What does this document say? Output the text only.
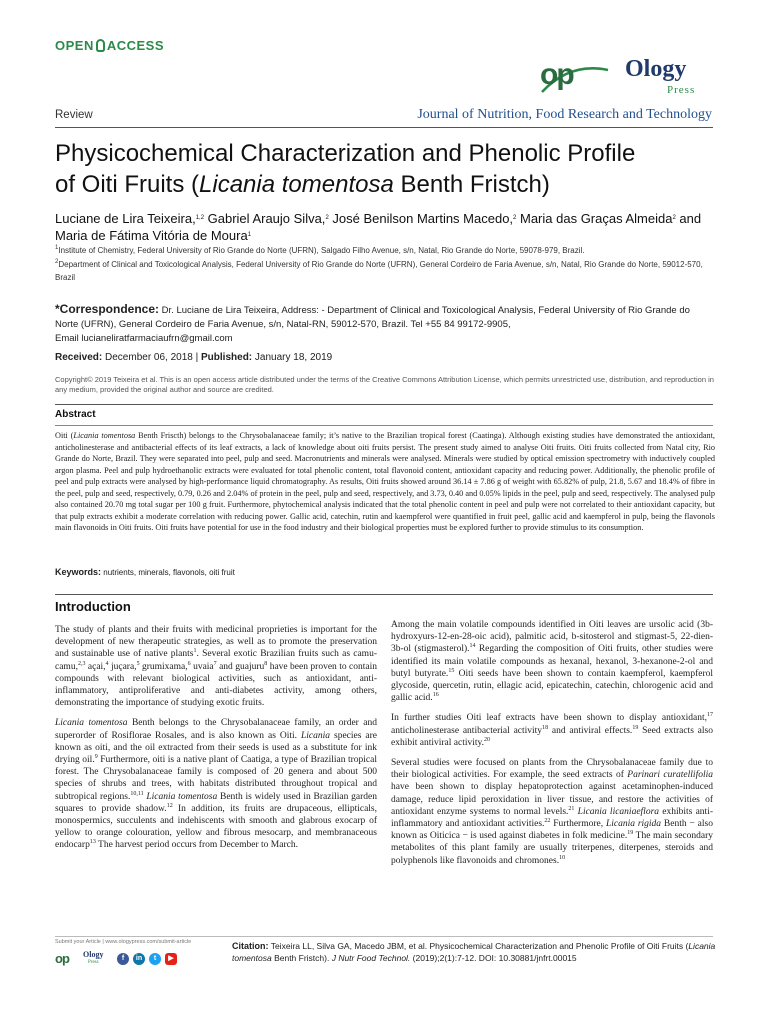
OPEN ACCESS
op Ology
Press
Review	Journal of Nutrition, Food Research and Technology
Physicochemical Characterization and Phenolic Profile
of Oiti Fruits (Licania tomentosa Benth Fristch)
Luciane de Lira Teixeira,$^{1,2}$ Gabriel Araujo Silva,$^2$ José Benilson Martins Macedo,$^2$ Maria das Graças Almeida$^2$ and Maria de Fátima Vitória de Moura$^1$
$^1$Institute of Chemistry, Federal University of Rio Grande do Norte (UFRN), Salgado Filho Avenue, s/n, Natal, Rio Grande do Norte, 59078-979, Brazil.
$^2$Department of Clinical and Toxicological Analysis, Federal University of Rio Grande do Norte (UFRN), General Cordeiro de Faria Avenue, s/n, Natal, Rio Grande do Norte, 59012-570, Brazil
*Correspondence: Dr. Luciane de Lira Teixeira, Address: - Department of Clinical and Toxicological Analysis, Federal University of Rio Grande do Norte (UFRN), General Cordeiro de Faria Avenue, s/n, Natal-RN, 59012-570, Brazil. Tel +55 84 99172-9905,
Email lucianeliratfarmaciaufrn@gmail.com
Received: December 06, 2018 | Published: January 18, 2019
Copyright© 2019 Teixeira et al. This is an open access article distributed under the terms of the Creative Commons Attribution License, which permits unrestricted use, distribution, and reproduction in any medium, provided the original author and source are credited.
Abstract
Oiti (Licania tomentosa Benth Friscth) belongs to the Chrysobalanaceae family; it’s native to the Brazilian tropical forest (Caatinga). Although existing studies have demonstrated the antioxidant, anticholinesterase and antibacterial effects of its leaf extracts, a lack of knowledge about oiti fruits persist. The present study aimed to analyse Oiti fruits. Oiti fruits collected from Natal city, Rio Grande do Norte, Brazil. They were separated into peel, pulp and seed. Macronutrients and minerals were analysed. Minerals were studied by optical emission spectrometry with inductively coupled argon plasma. Peel and pulp hydroethanolic extracts were evaluated for total phenolic content, total flavonoid content, antioxidant capacity and reducing power. Additionally, the phenolic profile of peel and pulp extracts were analysed by high-performance liquid chromatography. As results, Oiti fruits showed around 36.14 ± 7.86 g of weight with 65.82% of pulp, 21.8, 5.67 and 18.4% of fibre in the peel, pulp and seed, respectively, 0.79, 0.26 and 2.04% of protein in the peel, pulp and seed, respectively, and 3.73, 0.40 and 0.05% lipids in the peel, pulp and seed, respectively. The analysed pulp also contained 20.70 mg total sugar per 100 g fruit. Furthermore, phytochemical analysis indicated that the total phenolic content in peel and pulp were not correlated to their antioxidant capacity, but that pulp extracts exhibit a moderate correlation with reducing power. Gallic acid, catechin, rutin and kaempferol were quantified in fruit peel, gallic acid and kaempferol in pulp, being the flavonols main flavonoids in Oiti fruits. Oiti fruits have potential for use in the food industry and their biological properties must be explored further to provide stimulus to its consumption.
Keywords: nutrients, minerals, flavonols, oiti fruit
Introduction

The study of plants and their fruits with medicinal proprieties is important for the development of new therapeutic strategies, as well as to promote the preservation and sustainable use of native plants$^1$. Several exotic Brazilian fruits such as camu-camu,$^{2,3}$ açai,$^4$ juçara,$^5$ grumixama,$^6$ uvaia$^7$ and guajuru$^8$ have been proven to contain compounds with relevant biological activities, such as antioxidant, anti-inflammatory, antiproliferative and anti-diabetes activity, among others, demonstrating the importance of studying exotic fruits.

Licania tomentosa Benth belongs to the Chrysobalanaceae family, an order and superorder of Rosiflorae Rosales, and is also known as Oiti. Licania species are known as oiti, and the oil extracted from their seeds is used as a substitute for ink drying oil.$^9$ Furthermore, oiti is a native plant of Caatiga, a type of Brazilian tropical forest. The Chrysobalanaceae family is composed of 20 genera and about 500 species of shrubs and trees, with habitats distributed throughout tropical and subtropical regions.$^{10,11}$ Licania tomentosa Benth is widely used in Brazilian garden squares to provide shadow.$^{12}$ In addition, its fruits are drupaceous, ellipticals, monospermics, succulents and indehiscents with smooth and glabrous exocarp of yellow to orange colouration, yellow and fibrous mesocarp, and membranaceous endocarp$^{13}$ The harvest period occurs from December to March.

Among the main volatile compounds identified in Oiti leaves are ursolic acid (3b-hydroxyurs-12-en-28-oic acid), palmitic acid, b-sitosterol and stigmast-5, 22-dien-3b-ol (stigmasterol).$^{14}$ Regarding the composition of Oiti fruits, other studies were identified its main volatile compounds as hexanal, hexanol, 3-hexanone-2-ol and butyl butyrate.$^{15}$ Oiti seeds have been shown to contain kaempferol, kaempferol glycoside, quercetin, rutin, ellagic acid, epicatechin, catechin, chlorogenic acid and gallic acid.$^{16}$

In further studies Oiti leaf extracts have been shown to display antioxidant,$^{17}$ anticholinesterase antibacterial activity$^{18}$ and antiviral effects.$^{19}$ Seed extracts also exhibit antiviral activity.$^{20}$

Several studies were focused on plants from the Chrysobalanaceae family due to their biological activities. For example, the seed extracts of Parinari curatellifolia have been shown to display hepatoprotection against acetaminophen-induced damage, reduce lipid peroxidation in liver tissue, and restore the activities of antioxidant enzyme systems to normal levels.$^{21}$ Licania licaniaeflora exhibits anti-inflammatory and antioxidant activities.$^{22}$ Furthermore, Licania rigida Benth − also known as Oiticica − is used against diabetes in folk medicine.$^{19}$ The main secondary metabolites of this plant family are usually triterpenes, diterpenes, steroids and polyphenols like flavonoids and chromones.$^{10}$

Submit your Article | www.ologypress.com/submit-article
op Ology
Press
f	in	t	▶
Citation: Teixeira LL, Silva GA, Macedo JBM, et al. Physicochemical Characterization and Phenolic Profile of Oiti Fruits (Licania tomentosa Benth Fristch). J Nutr Food Technol. (2019);2(1):7-12. DOI: 10.30881/jnfrt.00015
